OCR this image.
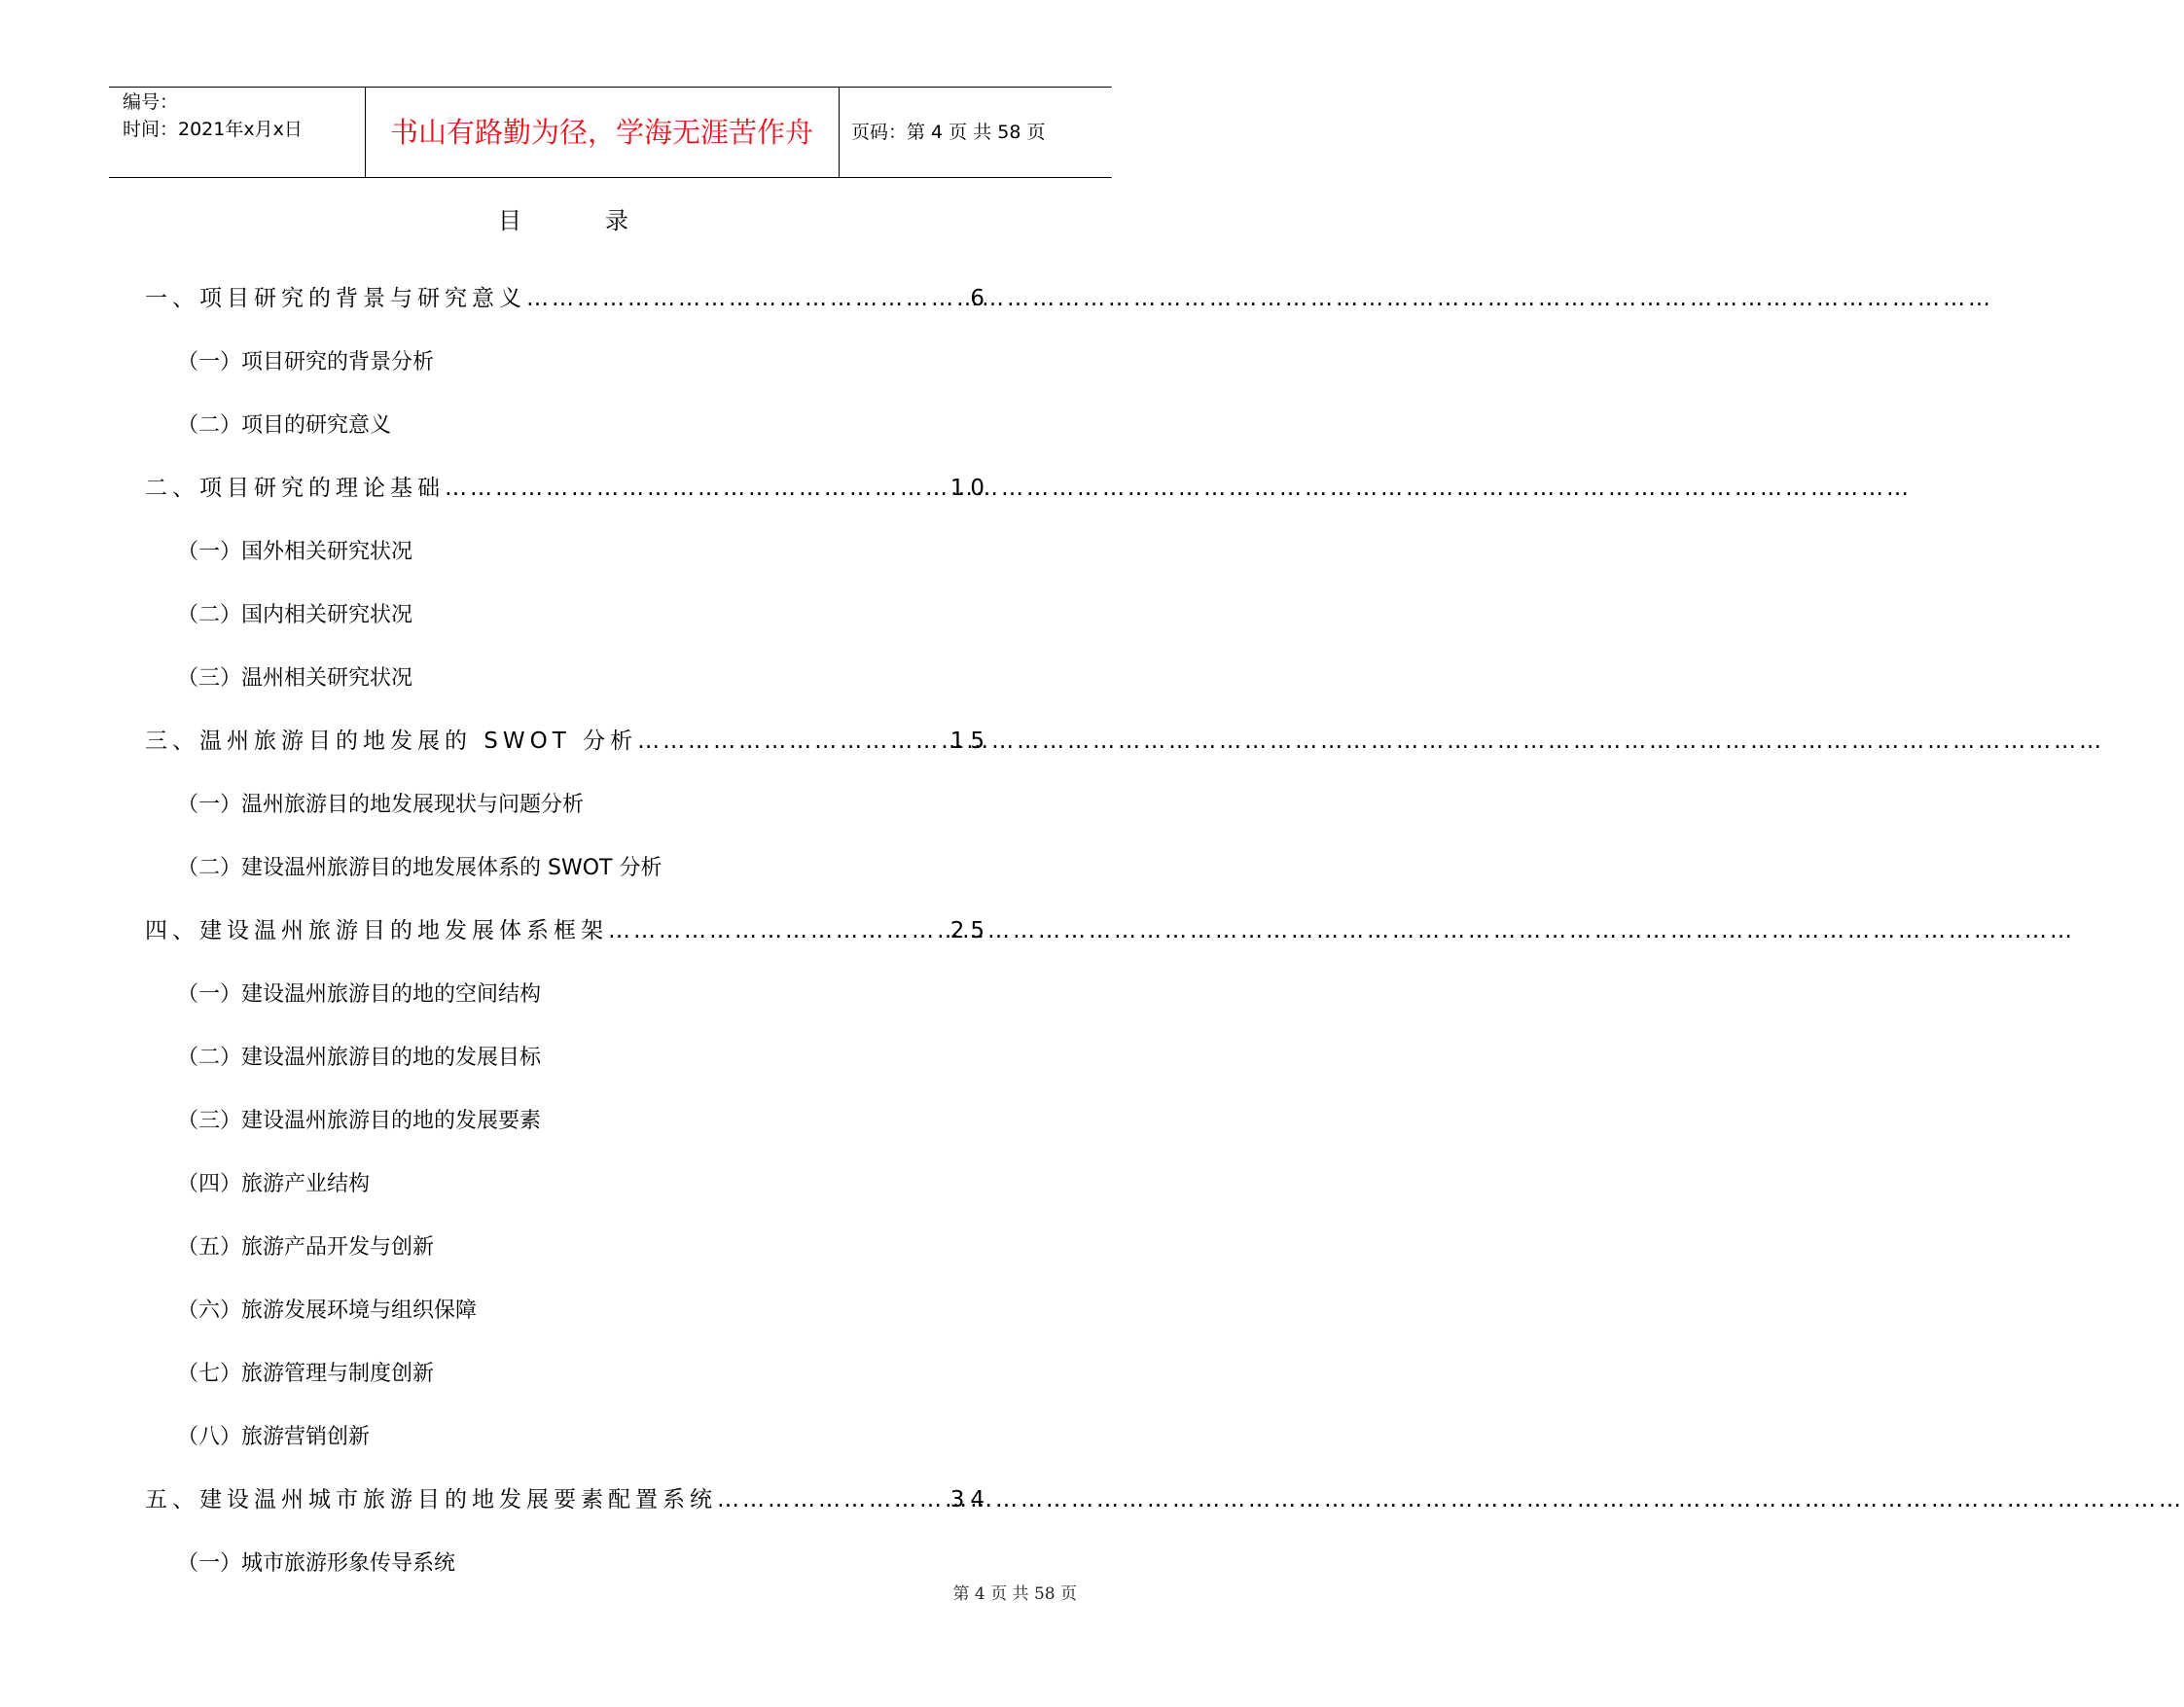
编号：
时间：2021年x月x日	书山有路勤为径，学海无涯苦作舟	页码：第 4 页 共 58 页
目	录
一、项目研究的背景与研究意义 …………………………………………………………………………………………………………………………………………………………	6
（一）项目研究的背景分析
（二）项目的研究意义
二、项目研究的理论基础 …………………………………………………………………………………………………………………………………………………………	10
（一）国外相关研究状况
（二）国内相关研究状况
（三）温州相关研究状况
三、温州旅游目的地发展的 SWOT 分析 …………………………………………………………………………………………………………………………………………………………	15
（一）温州旅游目的地发展现状与问题分析
（二）建设温州旅游目的地发展体系的 SWOT 分析
四、建设温州旅游目的地发展体系框架 …………………………………………………………………………………………………………………………………………………………	25
（一）建设温州旅游目的地的空间结构
（二）建设温州旅游目的地的发展目标
（三）建设温州旅游目的地的发展要素
（四）旅游产业结构
（五）旅游产品开发与创新
（六）旅游发展环境与组织保障
（七）旅游管理与制度创新
（八）旅游营销创新
五、建设温州城市旅游目的地发展要素配置系统 …………………………………………………………………………………………………………………………………………………………	34
（一）城市旅游形象传导系统
第 4 页 共 58 页
